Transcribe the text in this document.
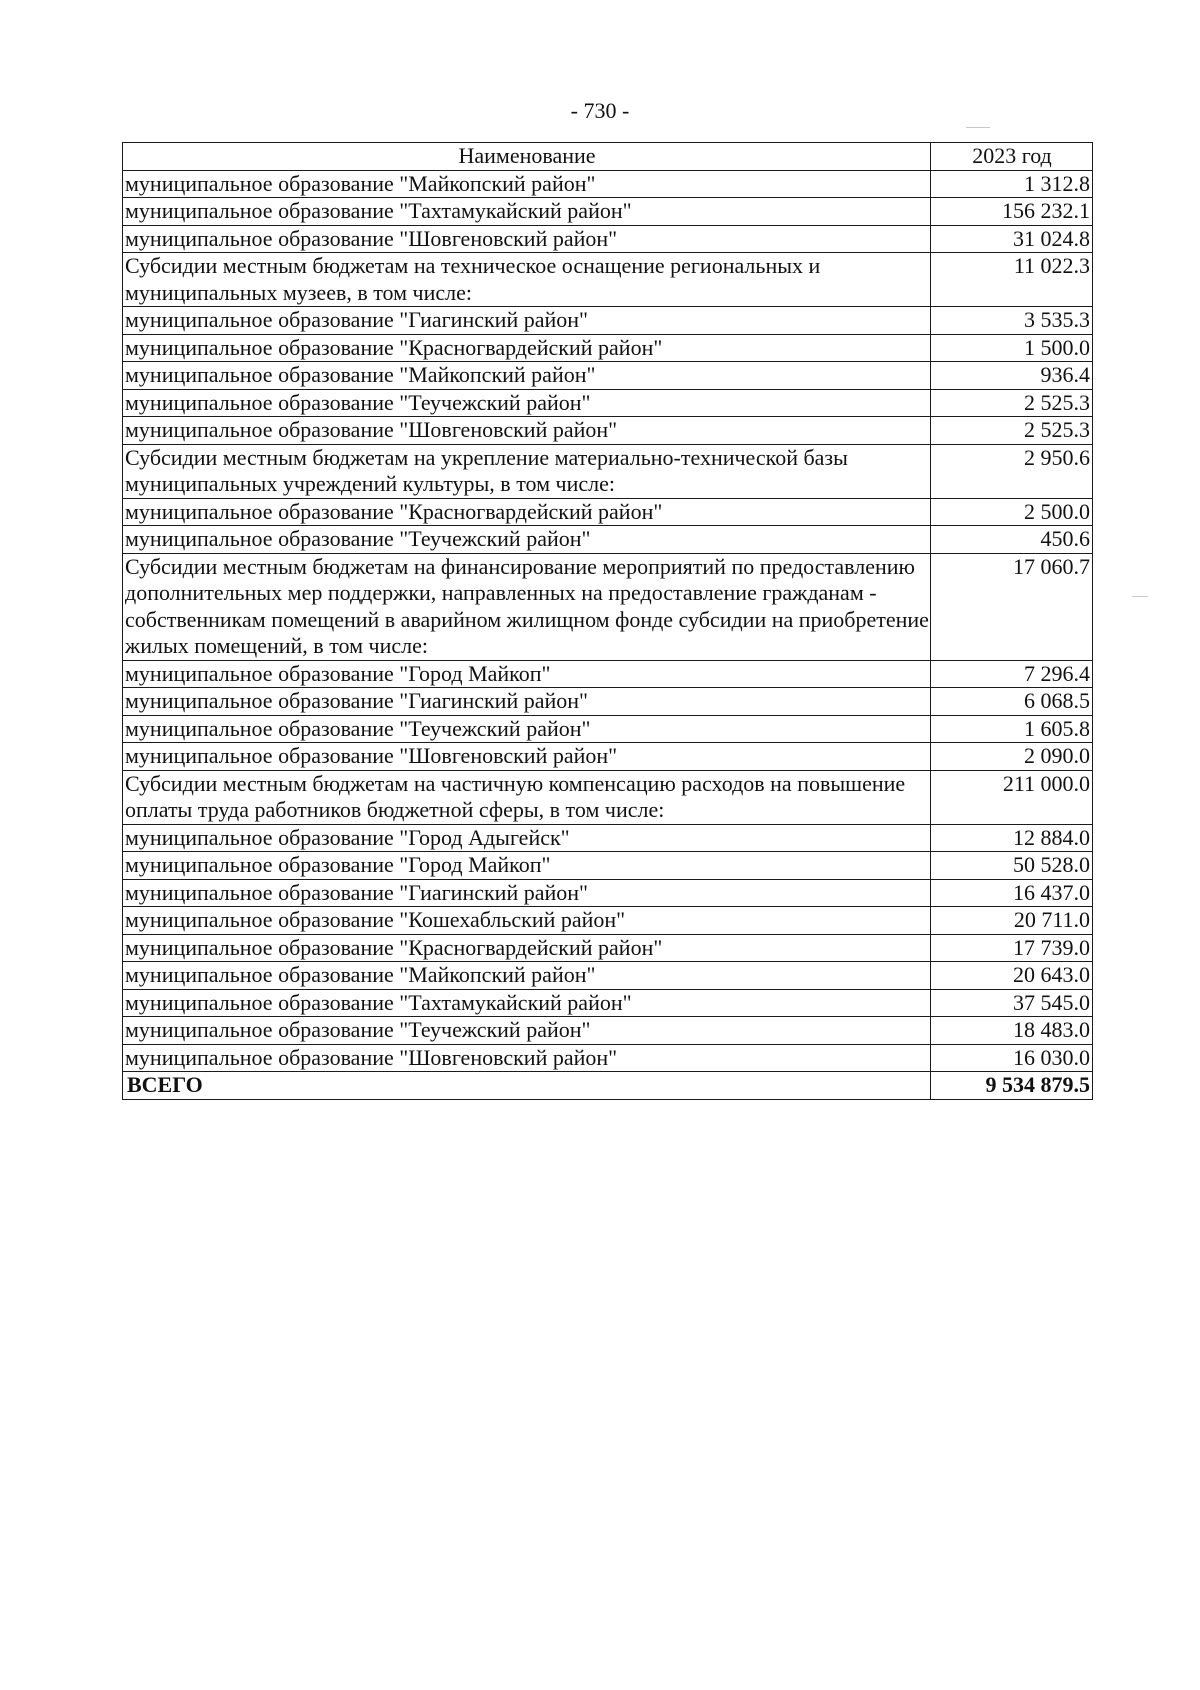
- 730 -
Наименование	2023 год
муниципальное образование "Майкопский район"	1 312.8
муниципальное образование "Тахтамукайский район"	156 232.1
муниципальное образование "Шовгеновский район"	31 024.8
Субсидии местным бюджетам на техническое оснащение региональных и муниципальных музеев, в том числе:	11 022.3
муниципальное образование "Гиагинский район"	3 535.3
муниципальное образование "Красногвардейский район"	1 500.0
муниципальное образование "Майкопский район"	936.4
муниципальное образование "Теучежский район"	2 525.3
муниципальное образование "Шовгеновский район"	2 525.3
Субсидии местным бюджетам на укрепление материально-технической базы муниципальных учреждений культуры, в том числе:	2 950.6
муниципальное образование "Красногвардейский район"	2 500.0
муниципальное образование "Теучежский район"	450.6
Субсидии местным бюджетам на финансирование мероприятий по предоставлению дополнительных мер поддержки, направленных на предоставление гражданам - собственникам помещений в аварийном жилищном фонде субсидии на приобретение жилых помещений, в том числе:	17 060.7
муниципальное образование "Город Майкоп"	7 296.4
муниципальное образование "Гиагинский район"	6 068.5
муниципальное образование "Теучежский район"	1 605.8
муниципальное образование "Шовгеновский район"	2 090.0
Субсидии местным бюджетам на частичную компенсацию расходов на повышение оплаты труда работников бюджетной сферы, в том числе:	211 000.0
муниципальное образование "Город Адыгейск"	12 884.0
муниципальное образование "Город Майкоп"	50 528.0
муниципальное образование "Гиагинский район"	16 437.0
муниципальное образование "Кошехабльский район"	20 711.0
муниципальное образование "Красногвардейский район"	17 739.0
муниципальное образование "Майкопский район"	20 643.0
муниципальное образование "Тахтамукайский район"	37 545.0
муниципальное образование "Теучежский район"	18 483.0
муниципальное образование "Шовгеновский район"	16 030.0
ВСЕГО	9 534 879.5
